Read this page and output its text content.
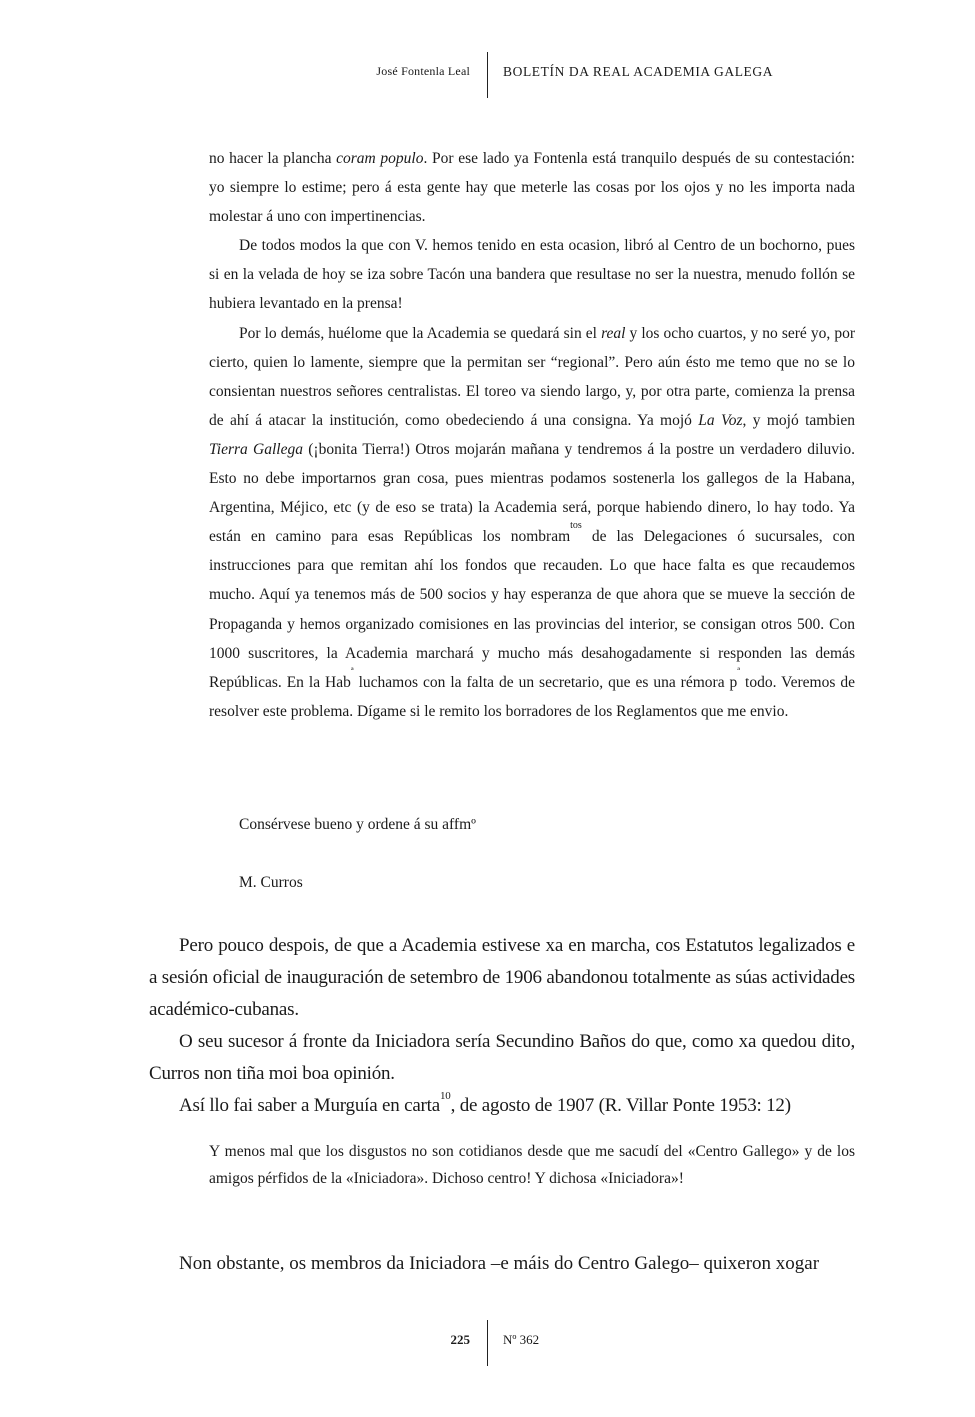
José Fontenla Leal BOLETÍN DA REAL ACADEMIA GALEGA

no hacer la plancha coram populo. Por ese lado ya Fontenla está tranquilo después de su contestación: yo siempre lo estime; pero á esta gente hay que meterle las cosas por los ojos y no les importa nada molestar á uno con impertinencias.

De todos modos la que con V. hemos tenido en esta ocasion, libró al Centro de un bochorno, pues si en la velada de hoy se iza sobre Tacón una bandera que resultase no ser la nuestra, menudo follón se hubiera levantado en la prensa!

Por lo demás, huélome que la Academia se quedará sin el real y los ocho cuartos, y no seré yo, por cierto, quien lo lamente, siempre que la permitan ser “regional”. Pero aún ésto me temo que no se lo consientan nuestros señores centralistas. El toreo va siendo largo, y, por otra parte, comienza la prensa de ahí á atacar la institución, como obedeciendo á una consigna. Ya mojó La Voz, y mojó tambien Tierra Gallega (¡bonita Tierra!) Otros mojarán mañana y tendremos á la postre un verdadero diluvio. Esto no debe importarnos gran cosa, pues mientras podamos sostenerla los gallegos de la Habana, Argentina, Méjico, etc (y de eso se trata) la Academia será, porque habiendo dinero, lo hay todo. Ya están en camino para esas Repúblicas los nombram$^{tos}$ de las Delegaciones ó sucursales, con instrucciones para que remitan ahí los fondos que recauden. Lo que hace falta es que recaudemos mucho. Aquí ya tenemos más de 500 socios y hay esperanza de que ahora que se mueve la sección de Propaganda y hemos organizado comisiones en las provincias del interior, se consigan otros 500. Con 1000 suscritores, la Academia marchará y mucho más desahogadamente si responden las demás Repúblicas. En la Hab$^ª$ luchamos con la falta de un secretario, que es una rémora $p^ª$ todo. Veremos de resolver este problema. Dígame si le remito los borradores de los Reglamentos que me envio.

Consérvese bueno y ordene á su affmº
M. Curros

Pero pouco despois, de que a Academia estivese xa en marcha, cos Estatutos legalizados e a sesión oficial de inauguración de setembro de 1906 abandonou totalmente as súas actividades académico-cubanas.

O seu sucesor á fronte da Iniciadora sería Secundino Baños do que, como xa quedou dito, Curros non tiña moi boa opinión.

Así llo fai saber a Murguía en carta$^{10}$, de agosto de 1907 (R. Villar Ponte 1953: 12)

Y menos mal que los disgustos no son cotidianos desde que me sacudí del «Centro Gallego» y de los amigos pérfidos de la «Iniciadora». Dichoso centro! Y dichosa «Iniciadora»!
Non obstante, os membros da Iniciadora –e máis do Centro Galego– quixeron xogar
225	Nº 362
